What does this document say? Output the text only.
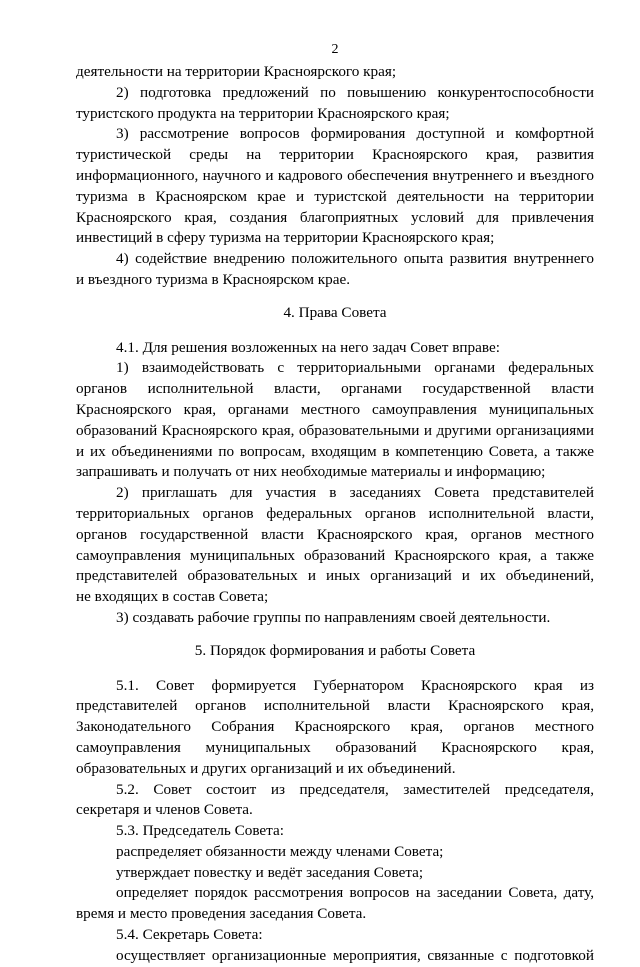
2
деятельности на территории Красноярского края;
2) подготовка предложений по повышению конкурентоспособности
туристского продукта на территории Красноярского края;
3) рассмотрение вопросов формирования доступной и комфортной
туристической среды на территории Красноярского края, развития
информационного, научного и кадрового обеспечения внутреннего и въездного
туризма в Красноярском крае и туристской деятельности на территории
Красноярского края, создания благоприятных условий для привлечения
инвестиций в сферу туризма на территории Красноярского края;
4) содействие внедрению положительного опыта развития внутреннего
и въездного туризма в Красноярском крае.
4. Права Совета
4.1. Для решения возложенных на него задач Совет вправе:
1) взаимодействовать с территориальными органами федеральных
органов исполнительной власти, органами государственной власти
Красноярского края, органами местного самоуправления муниципальных
образований Красноярского края, образовательными и другими организациями
и их объединениями по вопросам, входящим в компетенцию Совета, а также
запрашивать и получать от них необходимые материалы и информацию;
2) приглашать для участия в заседаниях Совета представителей
территориальных органов федеральных органов исполнительной власти,
органов государственной власти Красноярского края, органов местного
самоуправления муниципальных образований Красноярского края, а также
представителей образовательных и иных организаций и их объединений,
не входящих в состав Совета;
3) создавать рабочие группы по направлениям своей деятельности.
5. Порядок формирования и работы Совета
5.1. Совет формируется Губернатором Красноярского края из
представителей органов исполнительной власти Красноярского края,
Законодательного Собрания Красноярского края, органов местного
самоуправления муниципальных образований Красноярского края,
образовательных и других организаций и их объединений.
5.2. Совет состоит из председателя, заместителей председателя,
секретаря и членов Совета.
5.3. Председатель Совета:
распределяет обязанности между членами Совета;
утверждает повестку и ведёт заседания Совета;
определяет порядок рассмотрения вопросов на заседании Совета, дату,
время и место проведения заседания Совета.
5.4. Секретарь Совета:
осуществляет организационные мероприятия, связанные с подготовкой
